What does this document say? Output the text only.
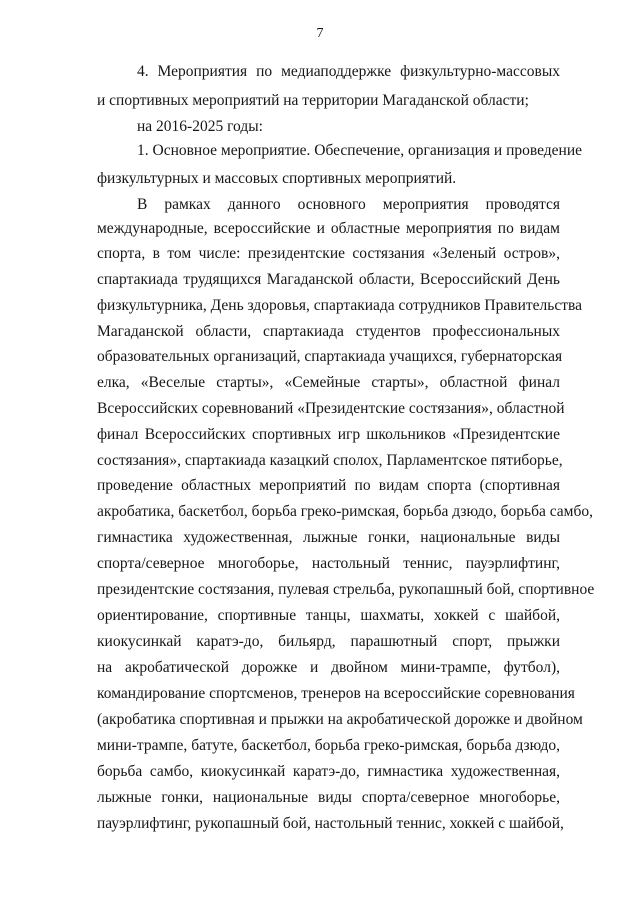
7
4. Мероприятия по медиаподдержке физкультурно-массовых
и спортивных мероприятий на территории Магаданской области;
на 2016-2025 годы:
1. Основное мероприятие. Обеспечение, организация и проведение
физкультурных и массовых спортивных мероприятий.
В рамках данного основного мероприятия проводятся
международные, всероссийские и областные мероприятия по видам
спорта, в том числе: президентские состязания «Зеленый остров»,
спартакиада трудящихся Магаданской области, Всероссийский День
физкультурника, День здоровья, спартакиада сотрудников Правительства
Магаданской области, спартакиада студентов профессиональных
образовательных организаций, спартакиада учащихся, губернаторская
елка, «Веселые старты», «Семейные старты», областной финал
Всероссийских соревнований «Президентские состязания», областной
финал Всероссийских спортивных игр школьников «Президентские
состязания», спартакиада казацкий сполох, Парламентское пятиборье,
проведение областных мероприятий по видам спорта (спортивная
акробатика, баскетбол, борьба греко-римская, борьба дзюдо, борьба самбо,
гимнастика художественная, лыжные гонки, национальные виды
спорта/северное многоборье, настольный теннис, пауэрлифтинг,
президентские состязания, пулевая стрельба, рукопашный бой, спортивное
ориентирование, спортивные танцы, шахматы, хоккей с шайбой,
киокусинкай каратэ-до, бильярд, парашютный спорт, прыжки
на акробатической дорожке и двойном мини-трампе, футбол),
командирование спортсменов, тренеров на всероссийские соревнования
(акробатика спортивная и прыжки на акробатической дорожке и двойном
мини-трампе, батуте, баскетбол, борьба греко-римская, борьба дзюдо,
борьба самбо, киокусинкай каратэ-до, гимнастика художественная,
лыжные гонки, национальные виды спорта/северное многоборье,
пауэрлифтинг, рукопашный бой, настольный теннис, хоккей с шайбой,
